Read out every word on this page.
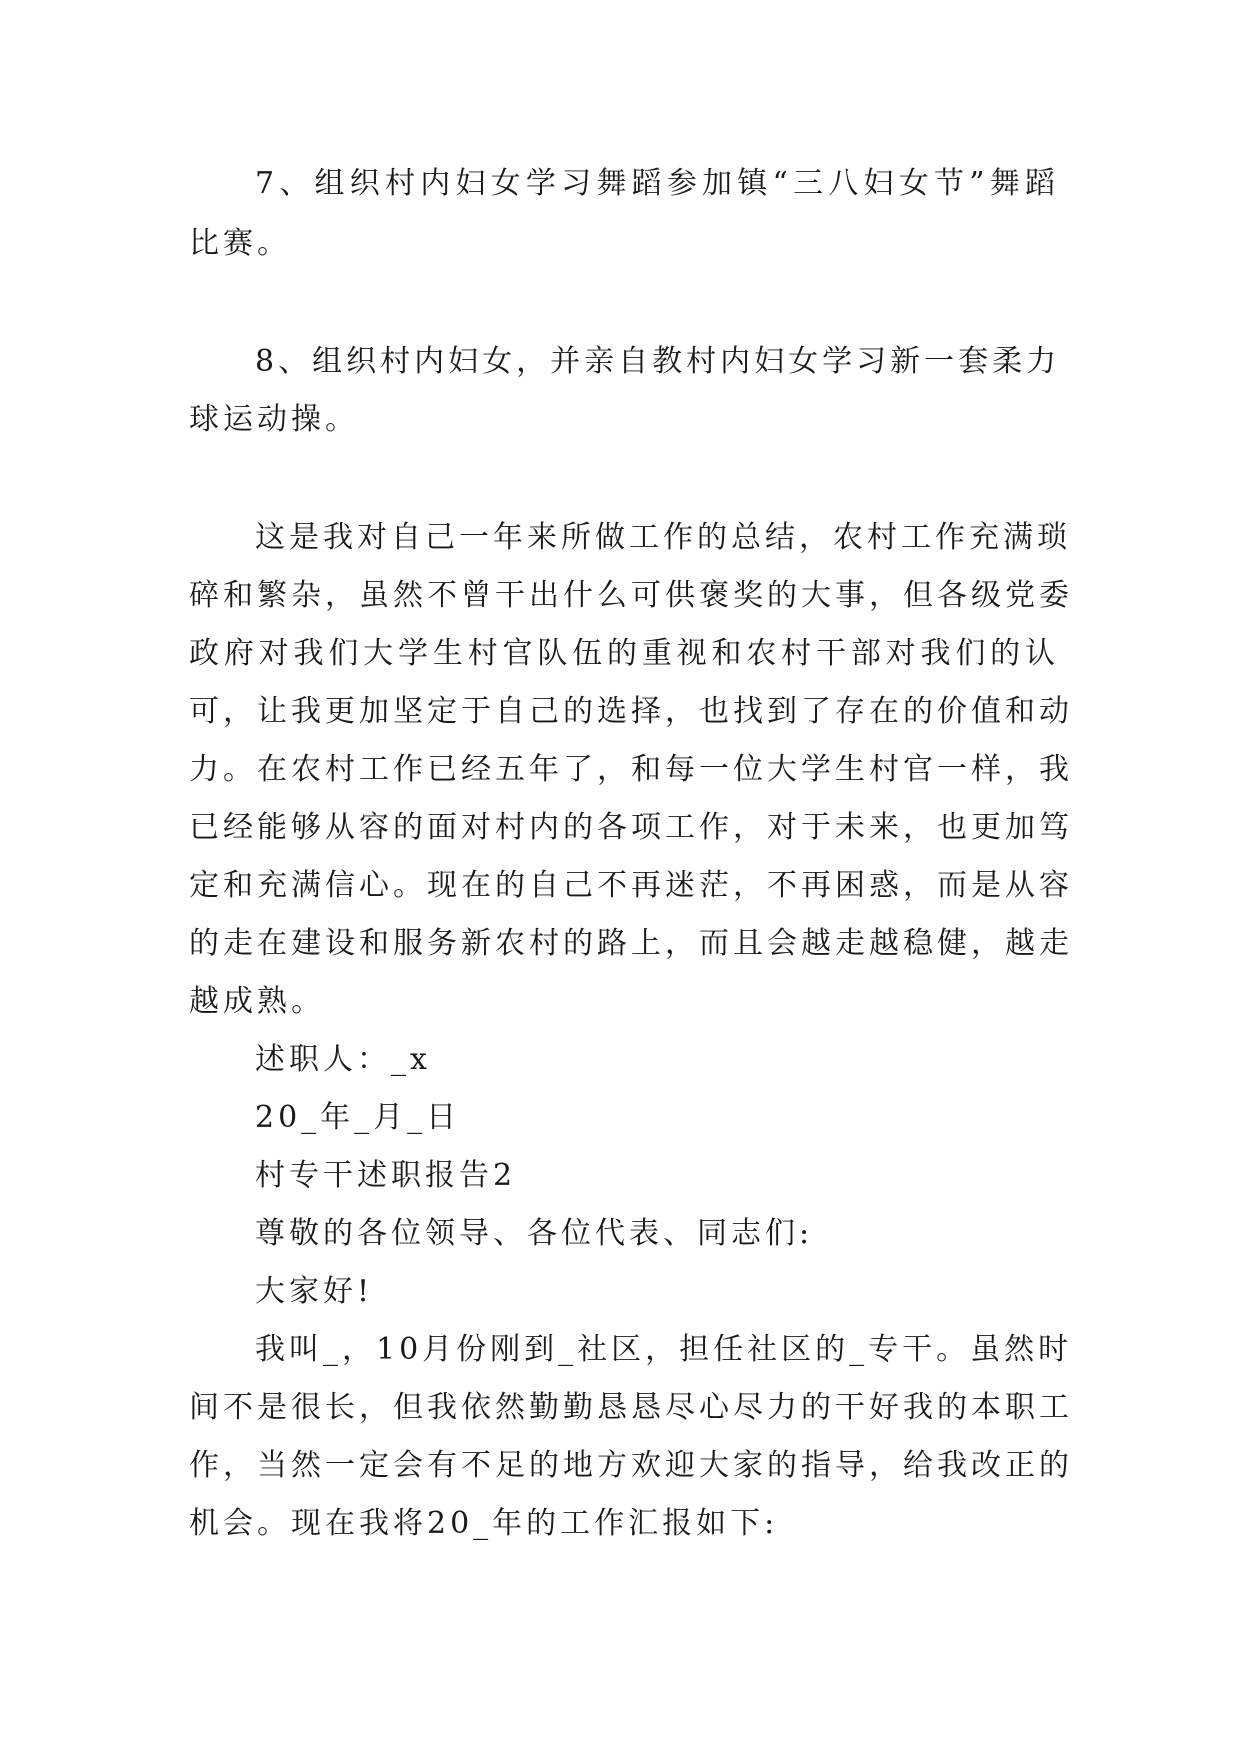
7、组织村内妇女学习舞蹈参加镇“三八妇女节”舞蹈
比赛。
8、组织村内妇女，并亲自教村内妇女学习新一套柔力
球运动操。
这是我对自己一年来所做工作的总结，农村工作充满琐
碎和繁杂，虽然不曾干出什么可供褒奖的大事，但各级党委
政府对我们大学生村官队伍的重视和农村干部对我们的认
可，让我更加坚定于自己的选择，也找到了存在的价值和动
力。在农村工作已经五年了，和每一位大学生村官一样，我
已经能够从容的面对村内的各项工作，对于未来，也更加笃
定和充满信心。现在的自己不再迷茫，不再困惑，而是从容
的走在建设和服务新农村的路上，而且会越走越稳健，越走
越成熟。
述职人：_x
20_年_月_日
村专干述职报告2
尊敬的各位领导、各位代表、同志们:
大家好!
我叫_，10月份刚到_社区，担任社区的_专干。虽然时
间不是很长，但我依然勤勤恳恳尽心尽力的干好我的本职工
作，当然一定会有不足的地方欢迎大家的指导，给我改正的
机会。现在我将20_年的工作汇报如下:
